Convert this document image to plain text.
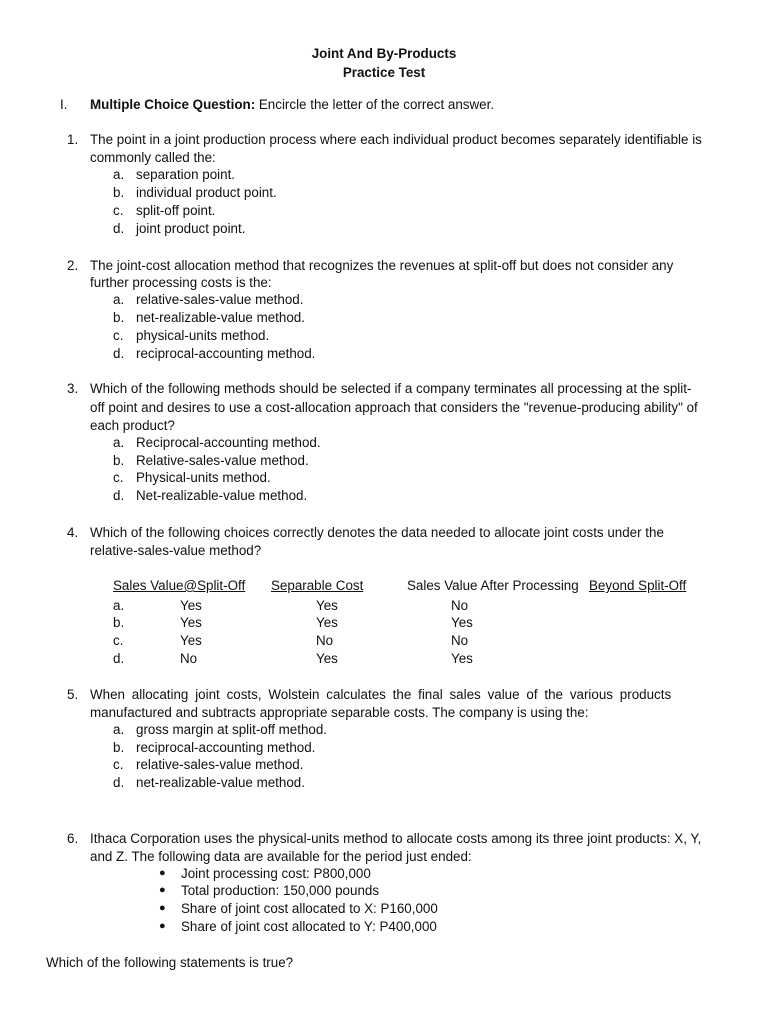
Joint And By-Products
Practice Test
I. Multiple Choice Question: Encircle the letter of the correct answer.
1. The point in a joint production process where each individual product becomes separately identifiable is
commonly called the:
a. separation point.
b. individual product point.
c. split-off point.
d. joint product point.
2. The joint-cost allocation method that recognizes the revenues at split-off but does not consider any
further processing costs is the:
a. relative-sales-value method.
b. net-realizable-value method.
c. physical-units method.
d. reciprocal-accounting method.
3. Which of the following methods should be selected if a company terminates all processing at the split-
off point and desires to use a cost-allocation approach that considers the "revenue-producing ability" of
each product?
a. Reciprocal-accounting method.
b. Relative-sales-value method.
c. Physical-units method.
d. Net-realizable-value method.
4. Which of the following choices correctly denotes the data needed to allocate joint costs under the
relative-sales-value method?
Sales Value@Split-Off Separable Cost	Sales Value After Processing Beyond Split-Off
a.	Yes	Yes	No
b.	Yes	Yes	Yes
c.	Yes	No	No
d.	No	Yes	Yes
5. When allocating joint costs, Wolstein calculates the final sales value of the various products
manufactured and subtracts appropriate separable costs. The company is using the:
a. gross margin at split-off method.
b. reciprocal-accounting method.
c. relative-sales-value method.
d. net-realizable-value method.
6. Ithaca Corporation uses the physical-units method to allocate costs among its three joint products: X, Y,
and Z. The following data are available for the period just ended:
● Joint processing cost: P800,000
● Total production: 150,000 pounds
● Share of joint cost allocated to X: P160,000
● Share of joint cost allocated to Y: P400,000
Which of the following statements is true?
